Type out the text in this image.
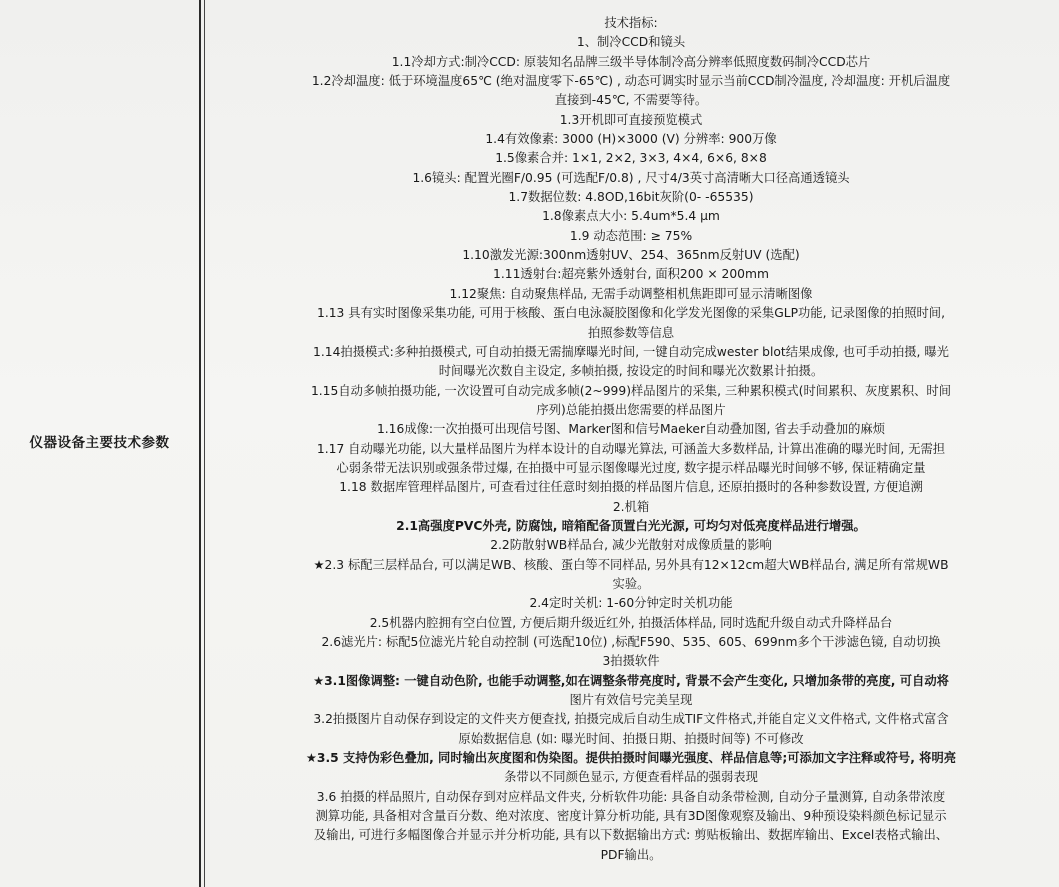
仪器设备主要技术参数
技术指标:
1、制冷CCD和镜头
1.1冷却方式:制冷CCD: 原装知名品牌三级半导体制冷高分辨率低照度数码制冷CCD芯片
1.2冷却温度: 低于环境温度65℃ (绝对温度零下-65℃) , 动态可调实时显示当前CCD制冷温度, 冷却温度: 开机后温度
直接到-45℃, 不需要等待。
1.3开机即可直接预览模式
1.4有效像素: 3000 (H)×3000 (V) 分辨率: 900万像
1.5像素合并: 1×1, 2×2, 3×3, 4×4, 6×6, 8×8
1.6镜头: 配置光圈F/0.95 (可选配F/0.8) , 尺寸4/3英寸高清晰大口径高通透镜头
1.7数据位数: 4.8OD,16bit灰阶(0- -65535)
1.8像素点大小: 5.4um*5.4 μm
1.9 动态范围: ≥ 75%
1.10激发光源:300nm透射UV、254、365nm反射UV (选配)
1.11透射台:超亮紫外透射台, 面积200 × 200mm
1.12聚焦: 自动聚焦样品, 无需手动调整相机焦距即可显示清晰图像
1.13 具有实时图像采集功能, 可用于核酸、蛋白电泳凝胶图像和化学发光图像的采集GLP功能, 记录图像的拍照时间,
拍照参数等信息
1.14拍摄模式:多种拍摄模式, 可自动拍摄无需揣摩曝光时间, 一键自动完成wester blot结果成像, 也可手动拍摄, 曝光
时间曝光次数自主设定, 多帧拍摄, 按设定的时间和曝光次数累计拍摄。
1.15自动多帧拍摄功能, 一次设置可自动完成多帧(2~999)样品图片的采集, 三种累积模式(时间累积、灰度累积、时间
序列)总能拍摄出您需要的样品图片
1.16成像:一次拍摄可出现信号图、Marker图和信号Maeker自动叠加图, 省去手动叠加的麻烦
1.17 自动曝光功能, 以大量样品图片为样本设计的自动曝光算法, 可涵盖大多数样品, 计算出准确的曝光时间, 无需担
心弱条带无法识别或强条带过爆, 在拍摄中可显示图像曝光过度, 数字提示样品曝光时间够不够, 保证精确定量
1.18 数据库管理样品图片, 可查看过往任意时刻拍摄的样品图片信息, 还原拍摄时的各种参数设置, 方便追溯
2.机箱
2.1高强度PVC外壳, 防腐蚀, 暗箱配备顶置白光光源, 可均匀对低亮度样品进行增强。
2.2防散射WB样品台, 减少光散射对成像质量的影响
★2.3 标配三层样品台, 可以满足WB、核酸、蛋白等不同样品, 另外具有12×12cm超大WB样品台, 满足所有常规WB
实验。
2.4定时关机: 1-60分钟定时关机功能
2.5机器内腔拥有空白位置, 方便后期升级近红外, 拍摄活体样品, 同时选配升级自动式升降样品台
2.6滤光片: 标配5位滤光片轮自动控制 (可选配10位) ,标配F590、535、605、699nm多个干涉滤色镜, 自动切换
3拍摄软件
★3.1图像调整: 一键自动色阶, 也能手动调整,如在调整条带亮度时, 背景不会产生变化, 只增加条带的亮度, 可自动将
图片有效信号完美呈现
3.2拍摄图片自动保存到设定的文件夹方便查找, 拍摄完成后自动生成TIF文件格式,并能自定义文件格式, 文件格式富含
原始数据信息 (如: 曝光时间、拍摄日期、拍摄时间等) 不可修改
★3.5 支持伪彩色叠加, 同时输出灰度图和伪染图。提供拍摄时间曝光强度、样品信息等;可添加文字注释或符号, 将明亮
条带以不同颜色显示, 方便查看样品的强弱表现
3.6 拍摄的样品照片, 自动保存到对应样品文件夹, 分析软件功能: 具备自动条带检测, 自动分子量测算, 自动条带浓度
测算功能, 具备相对含量百分数、绝对浓度、密度计算分析功能, 具有3D图像观察及输出、9种预设染料颜色标记显示
及输出, 可进行多幅图像合并显示并分析功能, 具有以下数据输出方式: 剪贴板输出、数据库输出、Excel表格式输出、
PDF输出。
